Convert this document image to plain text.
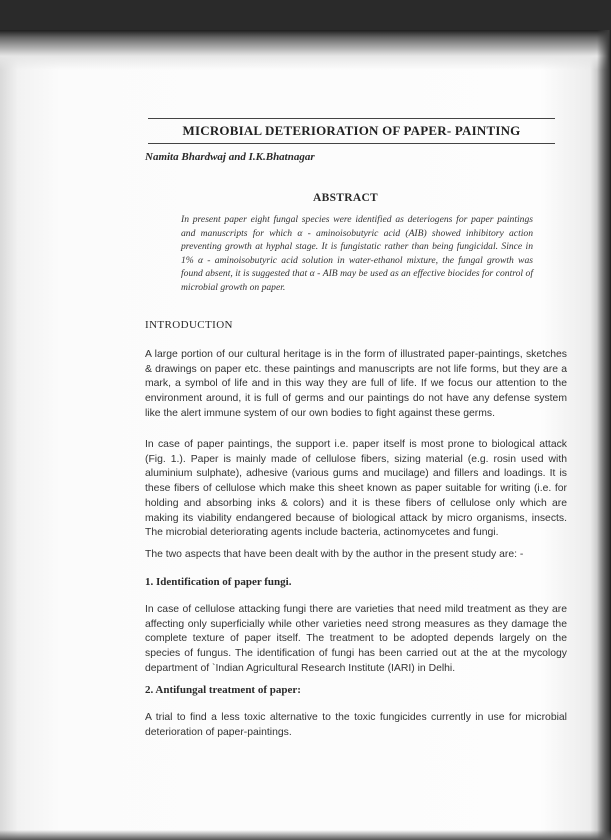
MICROBIAL DETERIORATION OF PAPER- PAINTING
Namita Bhardwaj and I.K.Bhatnagar
ABSTRACT
In present paper eight fungal species were identified as deteriogens for paper paintings and manuscripts for which α - aminoisobutyric acid (AIB) showed inhibitory action preventing growth at hyphal stage. It is fungistatic rather than being fungicidal. Since in 1% α - aminoisobutyric acid solution in water-ethanol mixture, the fungal growth was found absent, it is suggested that α - AIB may be used as an effective biocides for control of microbial growth on paper.
INTRODUCTION

A large portion of our cultural heritage is in the form of illustrated paper-paintings, sketches & drawings on paper etc. these paintings and manuscripts are not life forms, but they are a mark, a symbol of life and in this way they are full of life. If we focus our attention to the environment around, it is full of germs and our paintings do not have any defense system like the alert immune system of our own bodies to fight against these germs.

In case of paper paintings, the support i.e. paper itself is most prone to biological attack (Fig. 1.). Paper is mainly made of cellulose fibers, sizing material (e.g. rosin used with aluminium sulphate), adhesive (various gums and mucilage) and fillers and loadings. It is these fibers of cellulose which make this sheet known as paper suitable for writing (i.e. for holding and absorbing inks & colors) and it is these fibers of cellulose only which are making its viability endangered because of biological attack by micro organisms, insects. The microbial deteriorating agents include bacteria, actinomycetes and fungi.

The two aspects that have been dealt with by the author in the present study are: -

1. Identification of paper fungi.

In case of cellulose attacking fungi there are varieties that need mild treatment as they are affecting only superficially while other varieties need strong measures as they damage the complete texture of paper itself. The treatment to be adopted depends largely on the species of fungus. The identification of fungi has been carried out at the at the mycology department of `Indian Agricultural Research Institute (IARI) in Delhi.

2. Antifungal treatment of paper:

A trial to find a less toxic alternative to the toxic fungicides currently in use for microbial deterioration of paper-paintings.
